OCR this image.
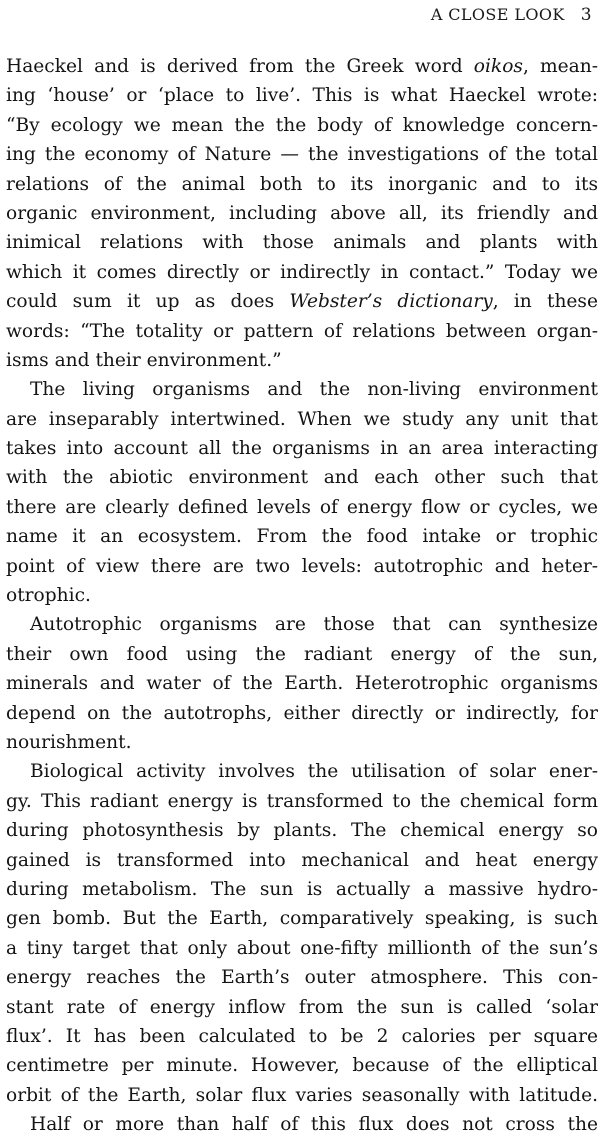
A CLOSE LOOK 3
Haeckel and is derived from the Greek word oikos, mean-
ing ‘house’ or ‘place to live’. This is what Haeckel wrote:
“By ecology we mean the the body of knowledge concern-
ing the economy of Nature — the investigations of the total
relations of the animal both to its inorganic and to its
organic environment, including above all, its friendly and
inimical relations with those animals and plants with
which it comes directly or indirectly in contact.” Today we
could sum it up as does Webster’s dictionary, in these
words: “The totality or pattern of relations between organ-
isms and their environment.”
The living organisms and the non-living environment
are inseparably intertwined. When we study any unit that
takes into account all the organisms in an area interacting
with the abiotic environment and each other such that
there are clearly defined levels of energy flow or cycles, we
name it an ecosystem. From the food intake or trophic
point of view there are two levels: autotrophic and heter-
otrophic.
Autotrophic organisms are those that can synthesize
their own food using the radiant energy of the sun,
minerals and water of the Earth. Heterotrophic organisms
depend on the autotrophs, either directly or indirectly, for
nourishment.
Biological activity involves the utilisation of solar ener-
gy. This radiant energy is transformed to the chemical form
during photosynthesis by plants. The chemical energy so
gained is transformed into mechanical and heat energy
during metabolism. The sun is actually a massive hydro-
gen bomb. But the Earth, comparatively speaking, is such
a tiny target that only about one-fifty millionth of the sun’s
energy reaches the Earth’s outer atmosphere. This con-
stant rate of energy inflow from the sun is called ‘solar
flux’. It has been calculated to be 2 calories per square
centimetre per minute. However, because of the elliptical
orbit of the Earth, solar flux varies seasonally with latitude.
Half or more than half of this flux does not cross the
